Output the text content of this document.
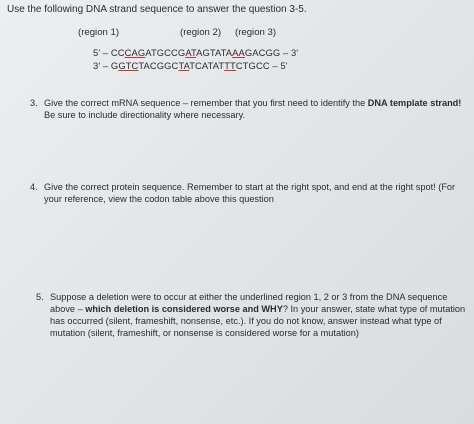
Use the following DNA strand sequence to answer the question 3-5.
(region 1)	(region 2) (region 3)
5' – CCCAGATGCCGATAGTATAAAGACGG – 3'
3' – GGTCTACGGCTATCATATTTCTGCC – 5'
3. Give the correct mRNA sequence – remember that you first need to identify the DNA template strand! Be sure to include directionality where necessary.
4. Give the correct protein sequence. Remember to start at the right spot, and end at the right spot! (For your reference, view the codon table above this question
5. Suppose a deletion were to occur at either the underlined region 1, 2 or 3 from the DNA sequence above – which deletion is considered worse and WHY? In your answer, state what type of mutation has occurred (silent, frameshift, nonsense, etc.). If you do not know, answer instead what type of mutation (silent, frameshift, or nonsense is considered worse for a mutation)
